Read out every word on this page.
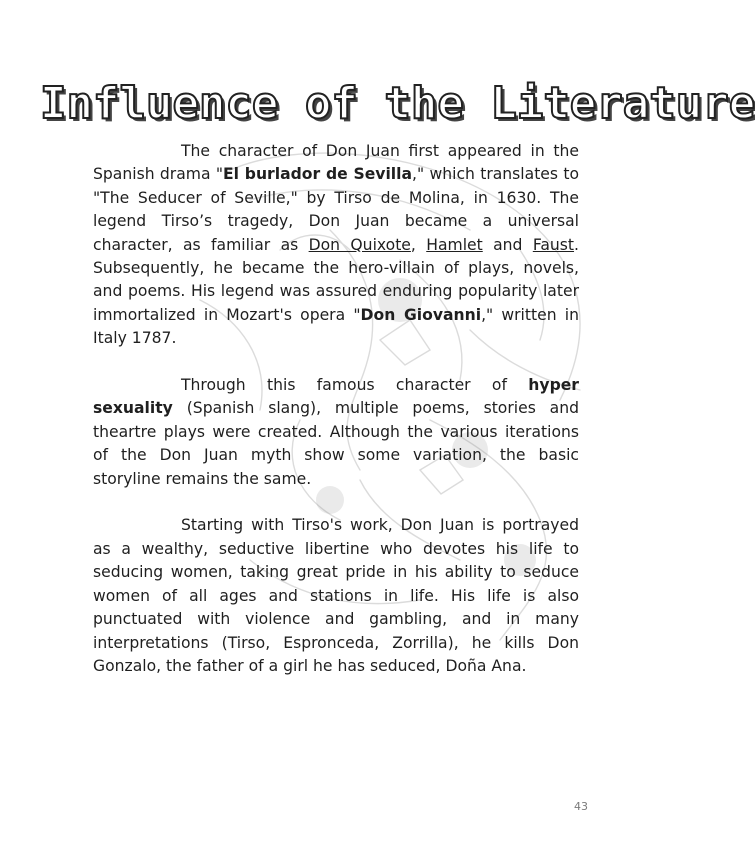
Influence of the Literature

The character of Don Juan first appeared in the Spanish drama "El burlador de Sevilla," which translates to "The Seducer of Seville," by Tirso de Molina, in 1630. The legend Tirso’s tragedy, Don Juan became a universal character, as familiar as Don Quixote, Hamlet and Faust. Subsequently, he became the hero-villain of plays, novels, and poems. His legend was assured enduring popularity later immortalized in Mozart's opera "Don Giovanni," written in Italy 1787.

Through this famous character of hyper sexuality (Spanish slang), multiple poems, stories and theartre plays were created. Although the various iterations of the Don Juan myth show some variation, the basic storyline remains the same.

Starting with Tirso's work, Don Juan is portrayed as a wealthy, seductive libertine who devotes his life to seducing women, taking great pride in his ability to seduce women of all ages and stations in life. His life is also punctuated with violence and gambling, and in many interpretations (Tirso, Espronceda, Zorrilla), he kills Don Gonzalo, the father of a girl he has seduced, Doña Ana.

43
